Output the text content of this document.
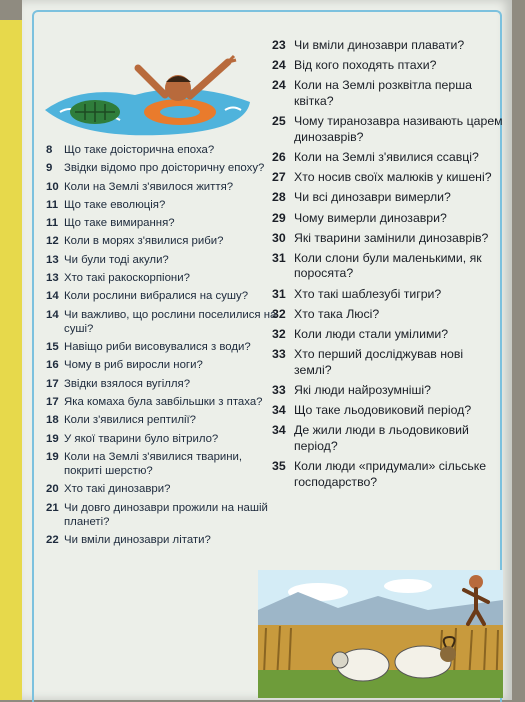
8	Що таке доісторична епоха?
9	Звідки відомо про доісторичну епоху?
10 Коли на Землі з'явилося життя?
11 Що таке еволюція?
11 Що таке вимирання?
12 Коли в морях з'явилися риби?
13 Чи були тоді акули?
13 Хто такі ракоскорпіони?
14 Коли рослини вибралися на сушу?
14 Чи важливо, що рослини поселилися на суші?
15 Навіщо риби висовувалися з води?
16 Чому в риб виросли ноги?
17 Звідки взялося вугілля?
17 Яка комаха була завбільшки з птаха?
18 Коли з'явилися рептилії?
19 У якої тварини було вітрило?
19 Коли на Землі з'явилися тварини, покриті шерстю?
20 Хто такі динозаври?
21 Чи довго динозаври прожили на нашій планеті?
22 Чи вміли динозаври літати?
23 Чи вміли динозаври плавати?
24 Від кого походять птахи?
24 Коли на Землі розквітла перша квітка?
25 Чому тиранозавра називають царем динозаврів?
26 Коли на Землі з'явилися ссавці?
27 Хто носив своїх малюків у кишені?
28 Чи всі динозаври вимерли?
29 Чому вимерли динозаври?
30 Які тварини замінили динозаврів?
31 Коли слони були маленькими, як поросята?
31 Хто такі шаблезубі тигри?
32 Хто така Люсі?
32 Коли люди стали умілими?
33 Хто перший досліджував нові землі?
33 Які люди найрозумніші?
34 Що таке льодовиковий період?
34 Де жили люди в льодовиковий період?
35 Коли люди «придумали» сільське господарство?
